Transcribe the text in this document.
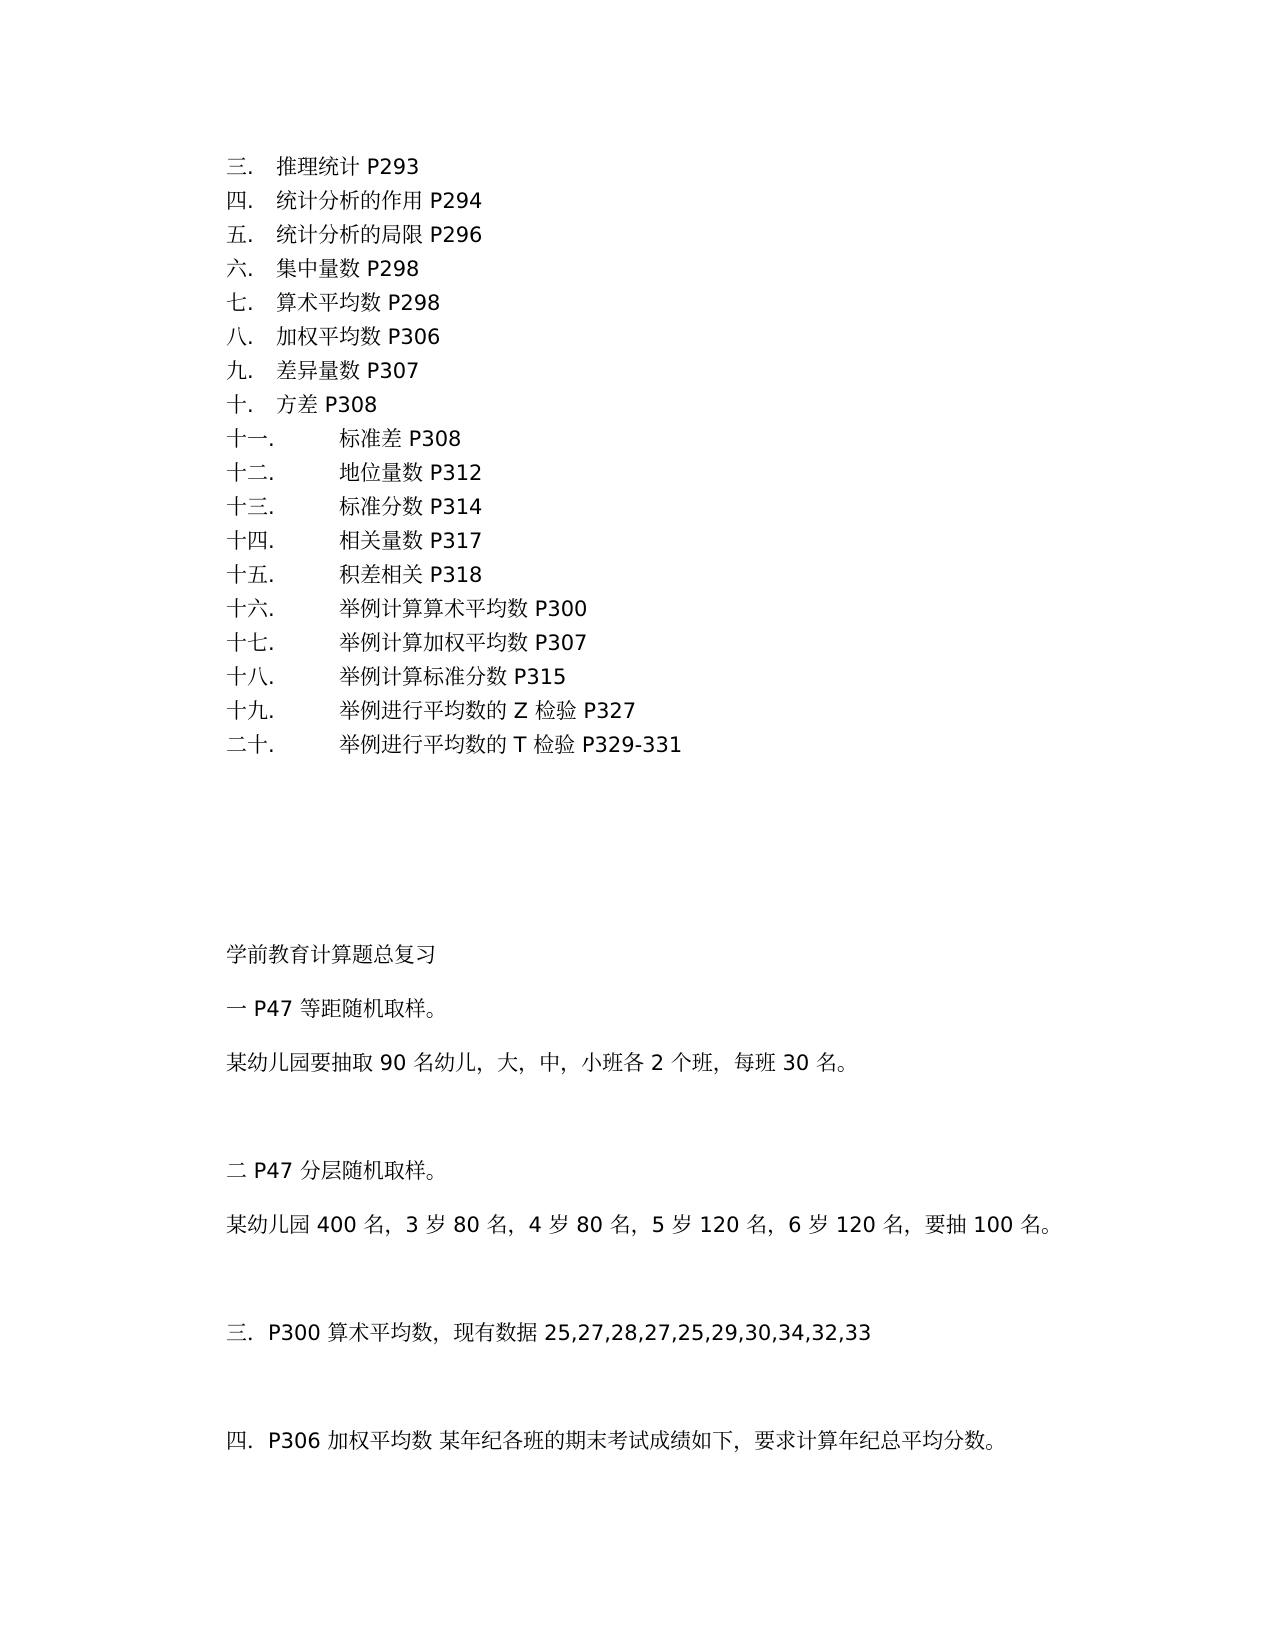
三.	推理统计 P293
四.	统计分析的作用 P294
五.	统计分析的局限 P296
六.	集中量数 P298
七.	算术平均数 P298
八.	加权平均数 P306
九.	差异量数 P307
十.	方差 P308
十一.	标准差 P308
十二.	地位量数 P312
十三.	标准分数 P314
十四.	相关量数 P317
十五.	积差相关 P318
十六.	举例计算算术平均数 P300
十七.	举例计算加权平均数 P307
十八.	举例计算标准分数 P315
十九.	举例进行平均数的 Z 检验 P327
二十.	举例进行平均数的 T 检验 P329-331
学前教育计算题总复习
一 P47 等距随机取样。
某幼儿园要抽取 90 名幼儿，大，中，小班各 2 个班，每班 30 名。
二 P47 分层随机取样。
某幼儿园 400 名，3 岁 80 名，4 岁 80 名，5 岁 120 名，6 岁 120 名，要抽 100 名。
三．P300 算术平均数，现有数据 25,27,28,27,25,29,30,34,32,33
四．P306 加权平均数 某年纪各班的期末考试成绩如下，要求计算年纪总平均分数。
